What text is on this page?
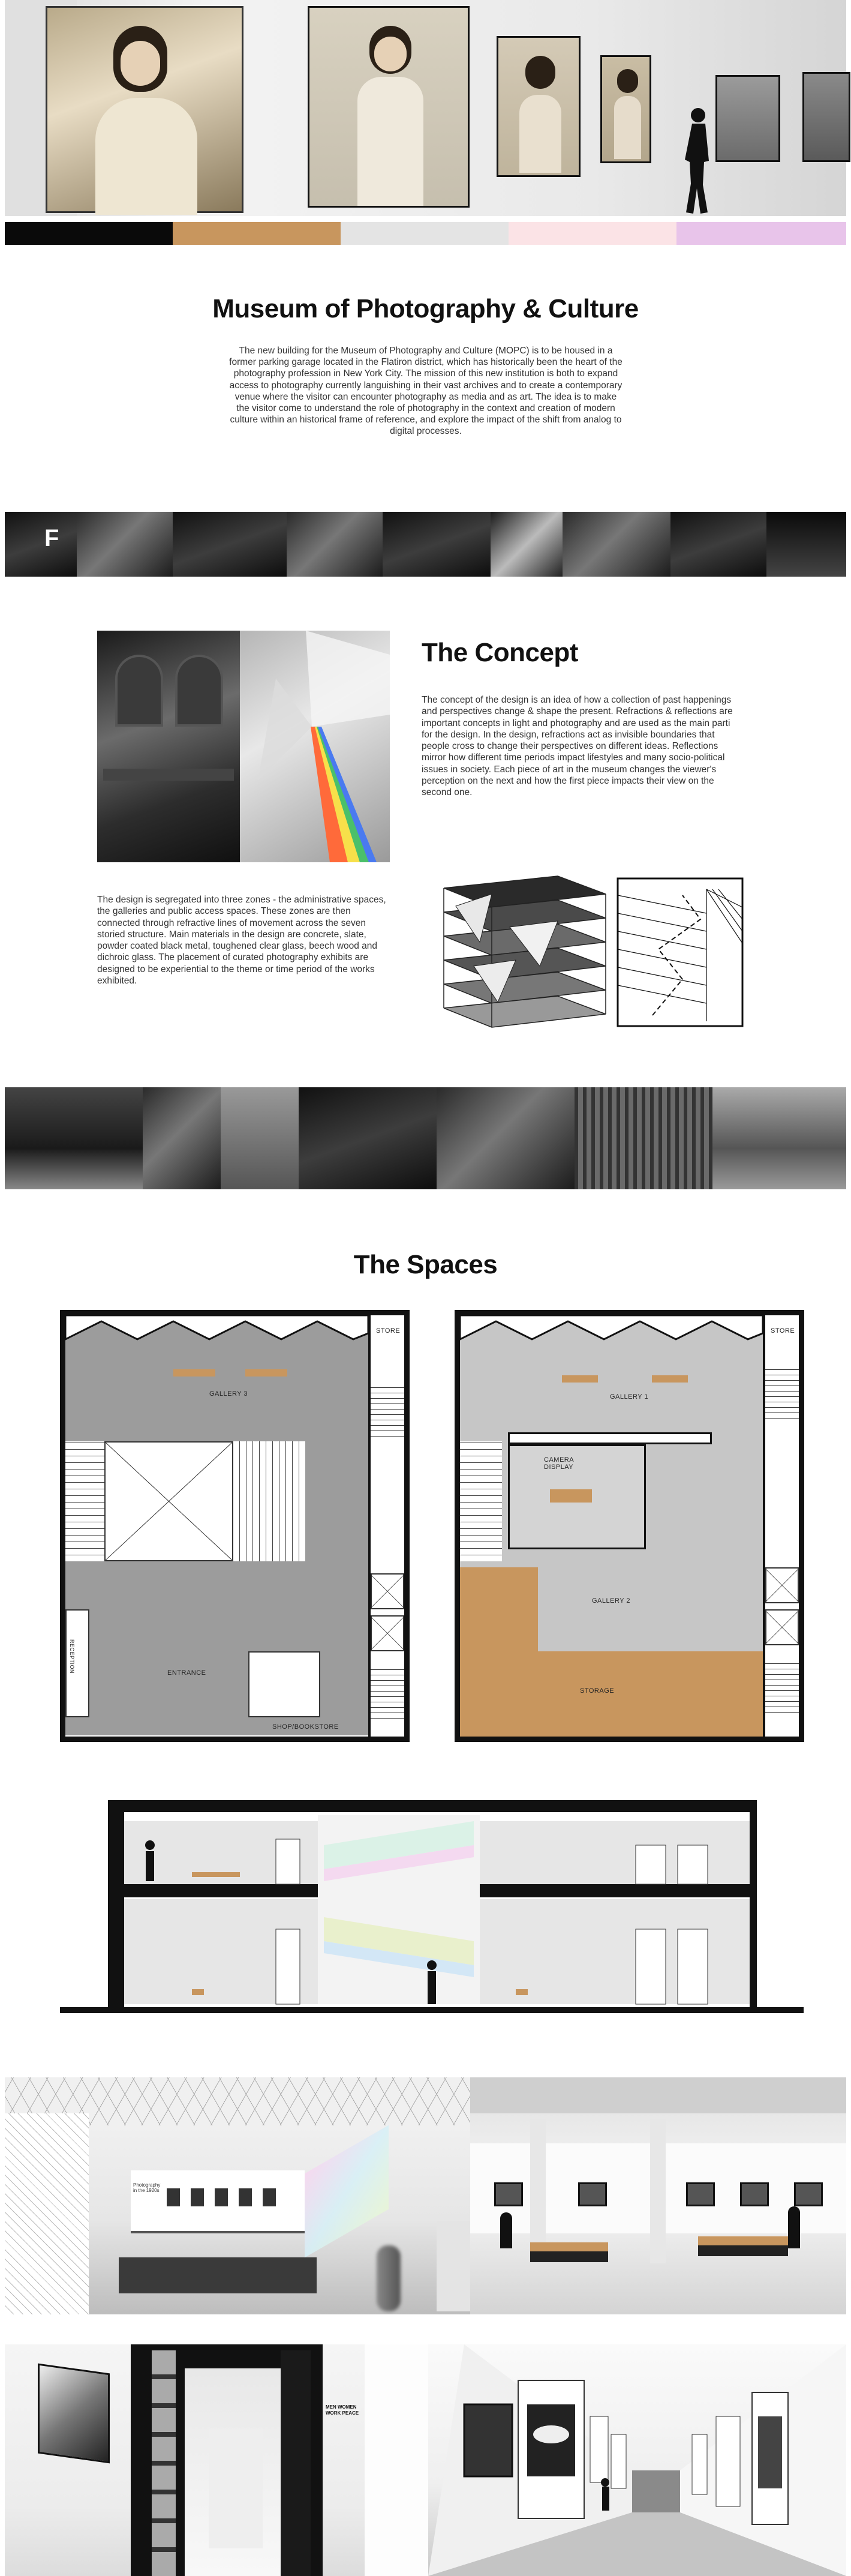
Museum of Photography & Culture
The new building for the Museum of Photography and Culture (MOPC) is to be housed in a former parking garage located in the Flatiron district, which has historically been the heart of the photography profession in New York City. The mission of this new institution is both to expand access to photography currently languishing in their vast archives and to create a contemporary venue where the visitor can encounter photography as media and as art. The idea is to make the visitor come to understand the role of photography in the context and creation of modern culture within an historical frame of reference, and explore the impact of the shift from analog to digital processes.
F
The Concept
The concept of the design is an idea of how a collection of past happenings and perspectives change & shape the present. Refractions & reflections are important concepts in light and photography and are used as the main parti for the design. In the design, refractions act as invisible boundaries that people cross to change their perspectives on different ideas. Reflections mirror how different time periods impact lifestyles and many socio-political issues in society. Each piece of art in the museum changes the viewer's perception on the next and how the first piece impacts their view on the second one.
The design is segregated into three zones - the administrative spaces, the galleries and public access spaces. These zones are then connected through refractive lines of movement across the seven storied structure. Main materials in the design are concrete, slate, powder coated black metal, toughened clear glass, beech wood and dichroic glass. The placement of curated photography exhibits are designed to be experiential to the theme or time period of the works exhibited.
The Spaces
STORE
GALLERY 3
RECEPTION	ENTRANCE
SHOP/BOOKSTORE
STORE
GALLERY 1
CAMERA DISPLAY
GALLERY 2
STORAGE
Photography in the 1920s
MEN WOMEN WORK PEACE
